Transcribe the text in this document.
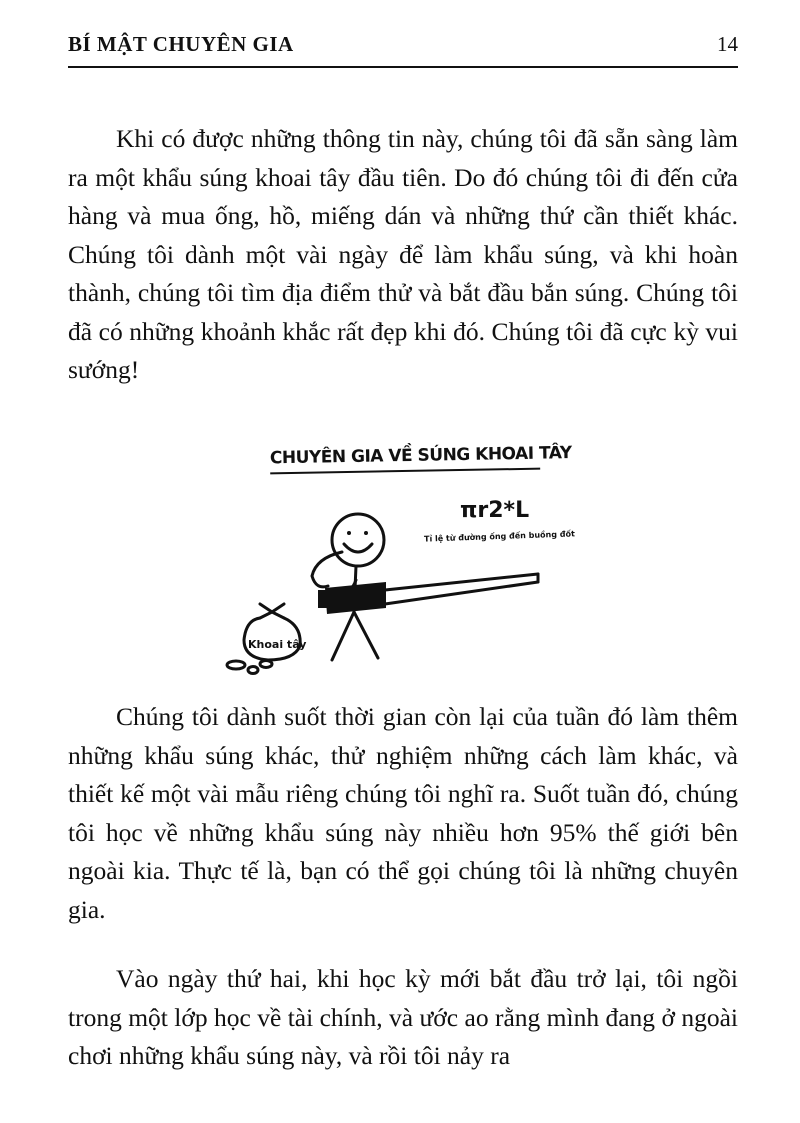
BÍ MẬT CHUYÊN GIA	14

Khi có được những thông tin này, chúng tôi đã sẵn sàng làm ra một khẩu súng khoai tây đầu tiên. Do đó chúng tôi đi đến cửa hàng và mua ống, hồ, miếng dán và những thứ cần thiết khác. Chúng tôi dành một vài ngày để làm khẩu súng, và khi hoàn thành, chúng tôi tìm địa điểm thử và bắt đầu bắn súng. Chúng tôi đã có những khoảnh khắc rất đẹp khi đó. Chúng tôi đã cực kỳ vui sướng!

CHUYÊN GIA VỀ SÚNG KHOAI TÂY
πr2*L
Tỉ lệ từ đường ống đến buồng đốt
Khoai tây

Chúng tôi dành suốt thời gian còn lại của tuần đó làm thêm những khẩu súng khác, thử nghiệm những cách làm khác, và thiết kế một vài mẫu riêng chúng tôi nghĩ ra. Suốt tuần đó, chúng tôi học về những khẩu súng này nhiều hơn 95% thế giới bên ngoài kia. Thực tế là, bạn có thể gọi chúng tôi là những chuyên gia.

Vào ngày thứ hai, khi học kỳ mới bắt đầu trở lại, tôi ngồi trong một lớp học về tài chính, và ước ao rằng mình đang ở ngoài chơi những khẩu súng này, và rồi tôi nảy ra
